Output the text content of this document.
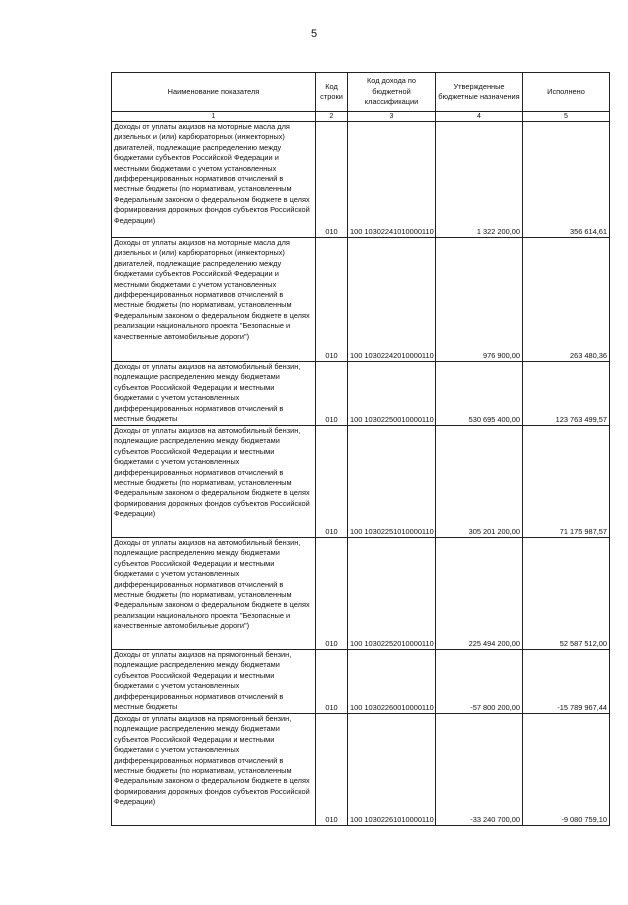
5
Наименование показателя	Код строки	Код дохода по бюджетной классификации	Утвержденные бюджетные назначения	Исполнено
1	2	3	4	5
Доходы от уплаты акцизов на моторные масла для дизельных и (или) карбюраторных (инжекторных) двигателей, подлежащие распределению между бюджетами субъектов Российской Федерации и местными бюджетами с учетом установленных дифференцированных нормативов отчислений в местные бюджеты (по нормативам, установленным Федеральным законом о федеральном бюджете в целях формирования дорожных фондов субъектов Российской Федерации)	010	100 10302241010000110	1 322 200,00	356 614,61
Доходы от уплаты акцизов на моторные масла для дизельных и (или) карбюраторных (инжекторных) двигателей, подлежащие распределению между бюджетами субъектов Российской Федерации и местными бюджетами с учетом установленных дифференцированных нормативов отчислений в местные бюджеты (по нормативам, установленным Федеральным законом о федеральном бюджете в целях реализации национального проекта "Безопасные и качественные автомобильные дороги")	010	100 10302242010000110	976 900,00	263 480,36
Доходы от уплаты акцизов на автомобильный бензин, подлежащие распределению между бюджетами субъектов Российской Федерации и местными бюджетами с учетом установленных дифференцированных нормативов отчислений в местные бюджеты	010	100 10302250010000110	530 695 400,00	123 763 499,57
Доходы от уплаты акцизов на автомобильный бензин, подлежащие распределению между бюджетами субъектов Российской Федерации и местными бюджетами с учетом установленных дифференцированных нормативов отчислений в местные бюджеты (по нормативам, установленным Федеральным законом о федеральном бюджете в целях формирования дорожных фондов субъектов Российской Федерации)	010	100 10302251010000110	305 201 200,00	71 175 987,57
Доходы от уплаты акцизов на автомобильный бензин, подлежащие распределению между бюджетами субъектов Российской Федерации и местными бюджетами с учетом установленных дифференцированных нормативов отчислений в местные бюджеты (по нормативам, установленным Федеральным законом о федеральном бюджете в целях реализации национального проекта "Безопасные и качественные автомобильные дороги")	010	100 10302252010000110	225 494 200,00	52 587 512,00
Доходы от уплаты акцизов на прямогонный бензин, подлежащие распределению между бюджетами субъектов Российской Федерации и местными бюджетами с учетом установленных дифференцированных нормативов отчислений в местные бюджеты	010	100 10302260010000110	-57 800 200,00	-15 789 967,44
Доходы от уплаты акцизов на прямогонный бензин, подлежащие распределению между бюджетами субъектов Российской Федерации и местными бюджетами с учетом установленных дифференцированных нормативов отчислений в местные бюджеты (по нормативам, установленным Федеральным законом о федеральном бюджете в целях формирования дорожных фондов субъектов Российской Федерации)	010	100 10302261010000110	-33 240 700,00	-9 080 759,10
